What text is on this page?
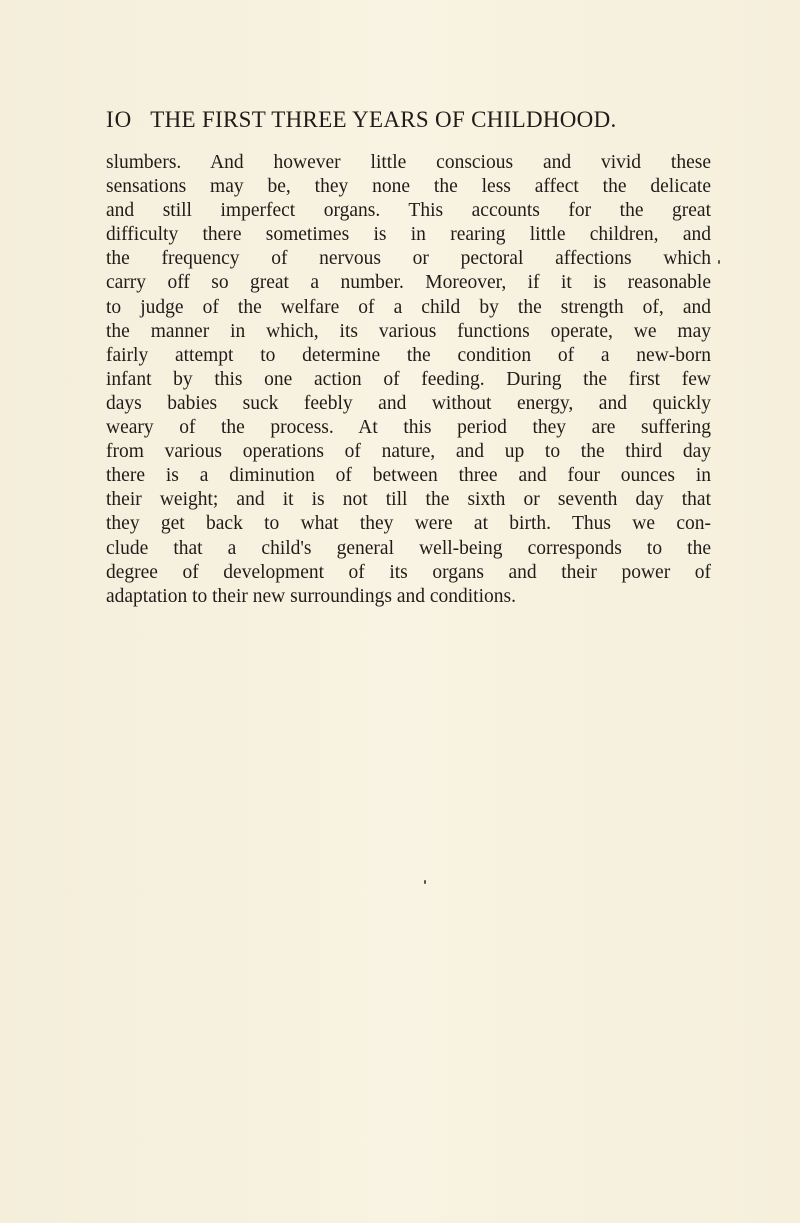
IO THE FIRST THREE YEARS OF CHILDHOOD.
slumbers. And however little conscious and vivid these
sensations may be, they none the less affect the delicate
and still imperfect organs. This accounts for the great
difficulty there sometimes is in rearing little children, and
the frequency of nervous or pectoral affections which
carry off so great a number. Moreover, if it is reasonable
to judge of the welfare of a child by the strength of, and
the manner in which, its various functions operate, we may
fairly attempt to determine the condition of a new-born
infant by this one action of feeding. During the first few
days babies suck feebly and without energy, and quickly
weary of the process. At this period they are suffering
from various operations of nature, and up to the third day
there is a diminution of between three and four ounces in
their weight; and it is not till the sixth or seventh day that
they get back to what they were at birth. Thus we con-
clude that a child's general well-being corresponds to the
degree of development of its organs and their power of
adaptation to their new surroundings and conditions.
